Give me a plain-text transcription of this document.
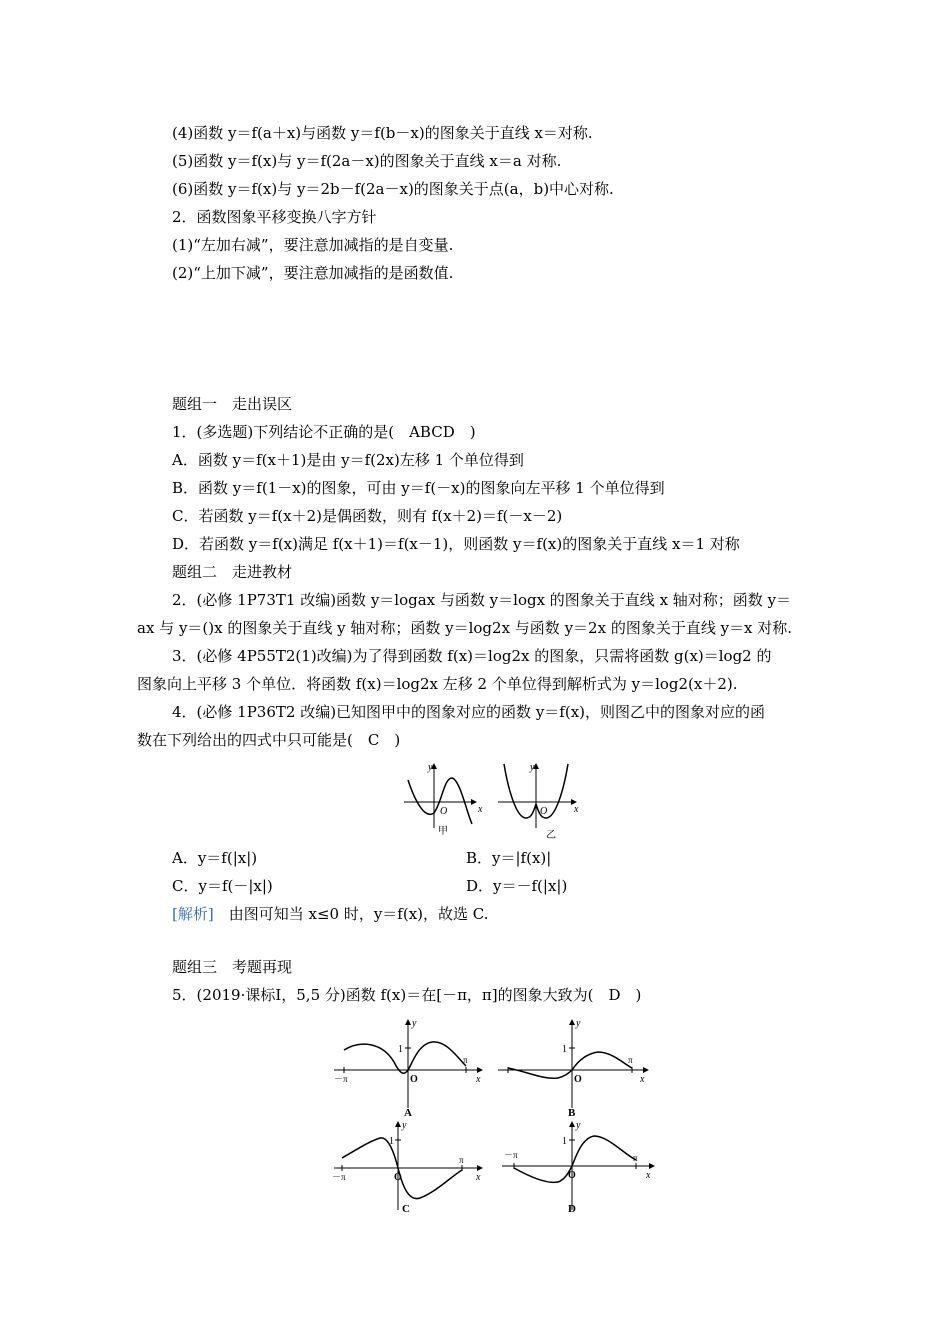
(4)函数 y＝f(a＋x)与函数 y＝f(b－x)的图象关于直线 x＝对称.
(5)函数 y＝f(x)与 y＝f(2a－x)的图象关于直线 x＝a 对称.
(6)函数 y＝f(x)与 y＝2b－f(2a－x)的图象关于点(a，b)中心对称.
2．函数图象平移变换八字方针
(1)“左加右减”，要注意加减指的是自变量.
(2)“上加下减”，要注意加减指的是函数值.
题组一　走出误区
1．(多选题)下列结论不正确的是(　ABCD　)
A．函数 y＝f(x＋1)是由 y＝f(2x)左移 1 个单位得到
B．函数 y＝f(1－x)的图象，可由 y＝f(－x)的图象向左平移 1 个单位得到
C．若函数 y＝f(x＋2)是偶函数，则有 f(x＋2)＝f(－x－2)
D．若函数 y＝f(x)满足 f(x＋1)＝f(x－1)，则函数 y＝f(x)的图象关于直线 x＝1 对称
题组二　走进教材
2．(必修 1P73T1 改编)函数 y＝logax 与函数 y＝logx 的图象关于直线 x 轴对称；函数 y＝
ax 与 y＝()x 的图象关于直线 y 轴对称；函数 y＝log2x 与函数 y＝2x 的图象关于直线 y＝x 对称.
3．(必修 4P55T2(1)改编)为了得到函数 f(x)＝log2x 的图象，只需将函数 g(x)＝log2 的
图象向上平移 3 个单位．将函数 f(x)＝log2x 左移 2 个单位得到解析式为 y＝log2(x＋2).
4．(必修 1P36T2 改编)已知图甲中的图象对应的函数 y＝f(x)，则图乙中的图象对应的函
数在下列给出的四式中只可能是(　C　)
y
x
O
甲
y
x
O
乙
A．y＝f(|x|)	B．y＝|f(x)|
C．y＝f(－|x|)	D．y＝－f(|x|)
[解析]　由图可知当 x≤0 时，y＝f(x)，故选 C.
题组三　考题再现
5．(2019·课标Ⅰ，5,5 分)函数 f(x)＝在[－π，π]的图象大致为(　D　)
y
x
1
O
－π
π
A
y
x
1
O
π
B
y
x
1
O
－π
π
C
y
x
1
O
－π	π
D
